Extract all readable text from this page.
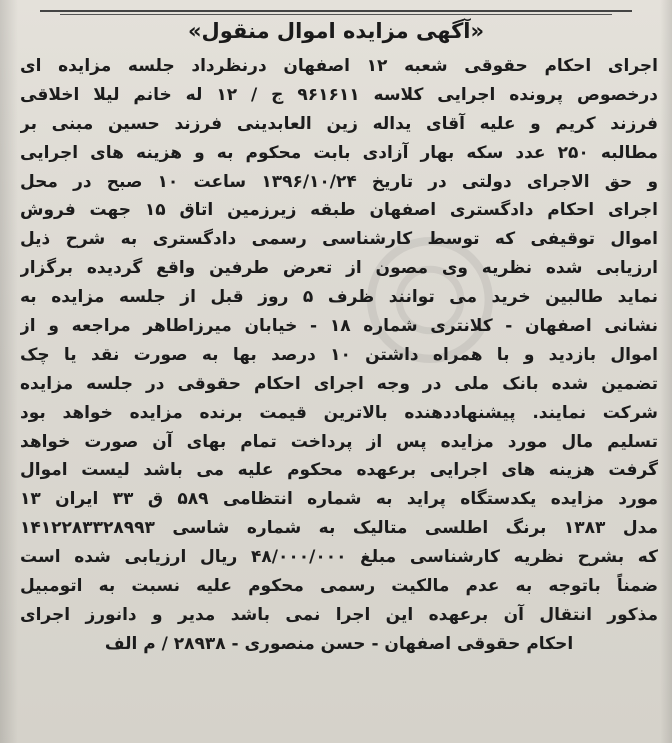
«آگهی مزایده اموال منقول»
اجرای احکام حقوقی شعبه ۱۲ اصفهان درنظرداد جلسه مزایده ای
درخصوص پرونده اجرایی کلاسه ۹۶۱۶۱۱ ج / ۱۲ له خانم لیلا اخلاقی
فرزند کریم و علیه آقای یداله زین العابدینی فرزند حسین مبنی بر
مطالبه ۲۵۰ عدد سکه بهار آزادی بابت محکوم به و هزینه های اجرایی
و حق الاجرای دولتی در تاریخ ۱۳۹۶/۱۰/۲۴ ساعت ۱۰ صبح در محل
اجرای احکام دادگستری اصفهان طبقه زیرزمین اتاق ۱۵ جهت فروش
اموال توقیفی که توسط کارشناسی رسمی دادگستری به شرح ذیل
ارزیابی شده نظریه وی مصون از تعرض طرفین واقع گردیده برگزار
نماید طالبین خرید می توانند ظرف ۵ روز قبل از جلسه مزایده به
نشانی اصفهان - کلانتری شماره ۱۸ - خیابان میرزاطاهر مراجعه و از
اموال بازدید و با همراه داشتن ۱۰ درصد بها به صورت نقد یا چک
تضمین شده بانک ملی در وجه اجرای احکام حقوقی در جلسه مزایده
شرکت نمایند. پیشنهاددهنده بالاترین قیمت برنده مزایده خواهد بود
تسلیم مال مورد مزایده پس از پرداخت تمام بهای آن صورت خواهد
گرفت هزینه های اجرایی برعهده محکوم علیه می باشد لیست اموال
مورد مزایده یکدستگاه پراید به شماره انتظامی ۵۸۹ ق ۳۳ ایران ۱۳
مدل ۱۳۸۳ برنگ اطلسی متالیک به شماره شاسی ۱۴۱۲۲۸۳۳۲۸۹۹۳
که بشرح نظریه کارشناسی مبلغ ۴۸/۰۰۰/۰۰۰ ریال ارزیابی شده است
ضمناً باتوجه به عدم مالکیت رسمی محکوم علیه نسبت به اتومبیل
مذکور انتقال آن برعهده این اجرا نمی باشد مدیر و دانورز اجرای
احکام حقوقی اصفهان - حسن منصوری - ۲۸۹۳۸ / م الف
